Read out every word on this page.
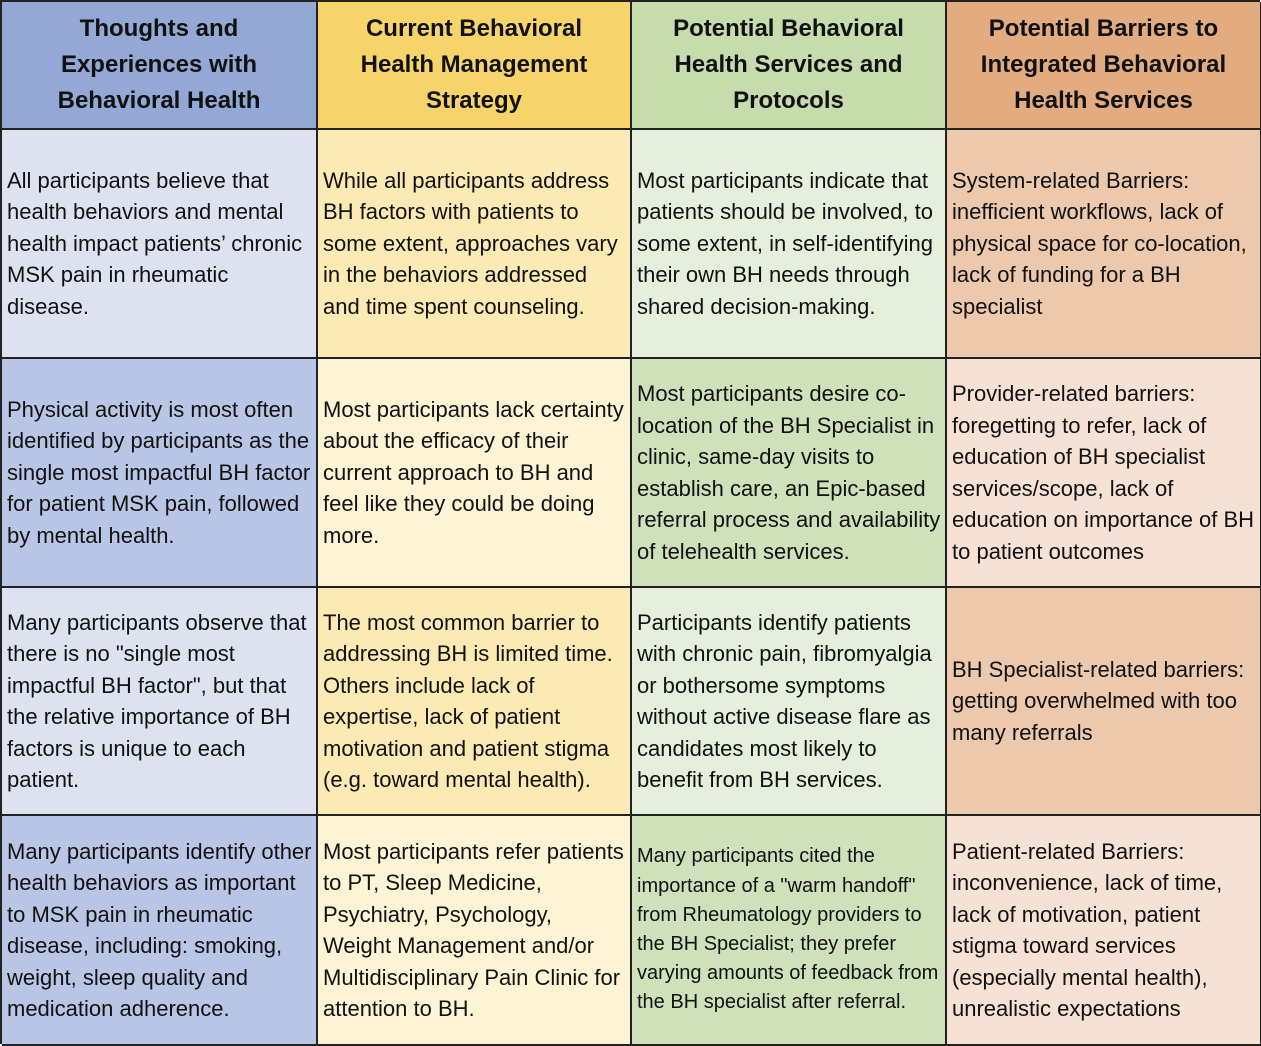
Thoughts and Experiences with Behavioral Health
Current Behavioral Health Management Strategy
Potential Behavioral Health Services and Protocols
Potential Barriers to Integrated Behavioral Health Services
All participants believe that health behaviors and mental health impact patients’ chronic MSK pain in rheumatic disease.
While all participants address BH factors with patients to some extent, approaches vary in the behaviors addressed and time spent counseling.
Most participants indicate that patients should be involved, to some extent, in self-identifying their own BH needs through shared decision-making.
System-related Barriers: inefficient workflows, lack of physical space for co-location, lack of funding for a BH specialist
Physical activity is most often identified by participants as the single most impactful BH factor for patient MSK pain, followed by mental health.
Most participants lack certainty about the efficacy of their current approach to BH and feel like they could be doing more.
Most participants desire co-location of the BH Specialist in clinic, same-day visits to establish care, an Epic-based referral process and availability of telehealth services.
Provider-related barriers: foregetting to refer, lack of education of BH specialist services/scope, lack of education on importance of BH to patient outcomes
Many participants observe that there is no "single most impactful BH factor", but that the relative importance of BH factors is unique to each patient.
The most common barrier to addressing BH is limited time. Others include lack of expertise, lack of patient motivation and patient stigma (e.g. toward mental health).
Participants identify patients with chronic pain, fibromyalgia or bothersome symptoms without active disease flare as candidates most likely to benefit from BH services.
BH Specialist-related barriers: getting overwhelmed with too many referrals
Many participants identify other health behaviors as important to MSK pain in rheumatic disease, including: smoking, weight, sleep quality and medication adherence.
Most participants refer patients to PT, Sleep Medicine, Psychiatry, Psychology, Weight Management and/or Multidisciplinary Pain Clinic for attention to BH.
Many participants cited the importance of a "warm handoff" from Rheumatology providers to the BH Specialist; they prefer varying amounts of feedback from the BH specialist after referral.
Patient-related Barriers: inconvenience, lack of time, lack of motivation, patient stigma toward services (especially mental health), unrealistic expectations
